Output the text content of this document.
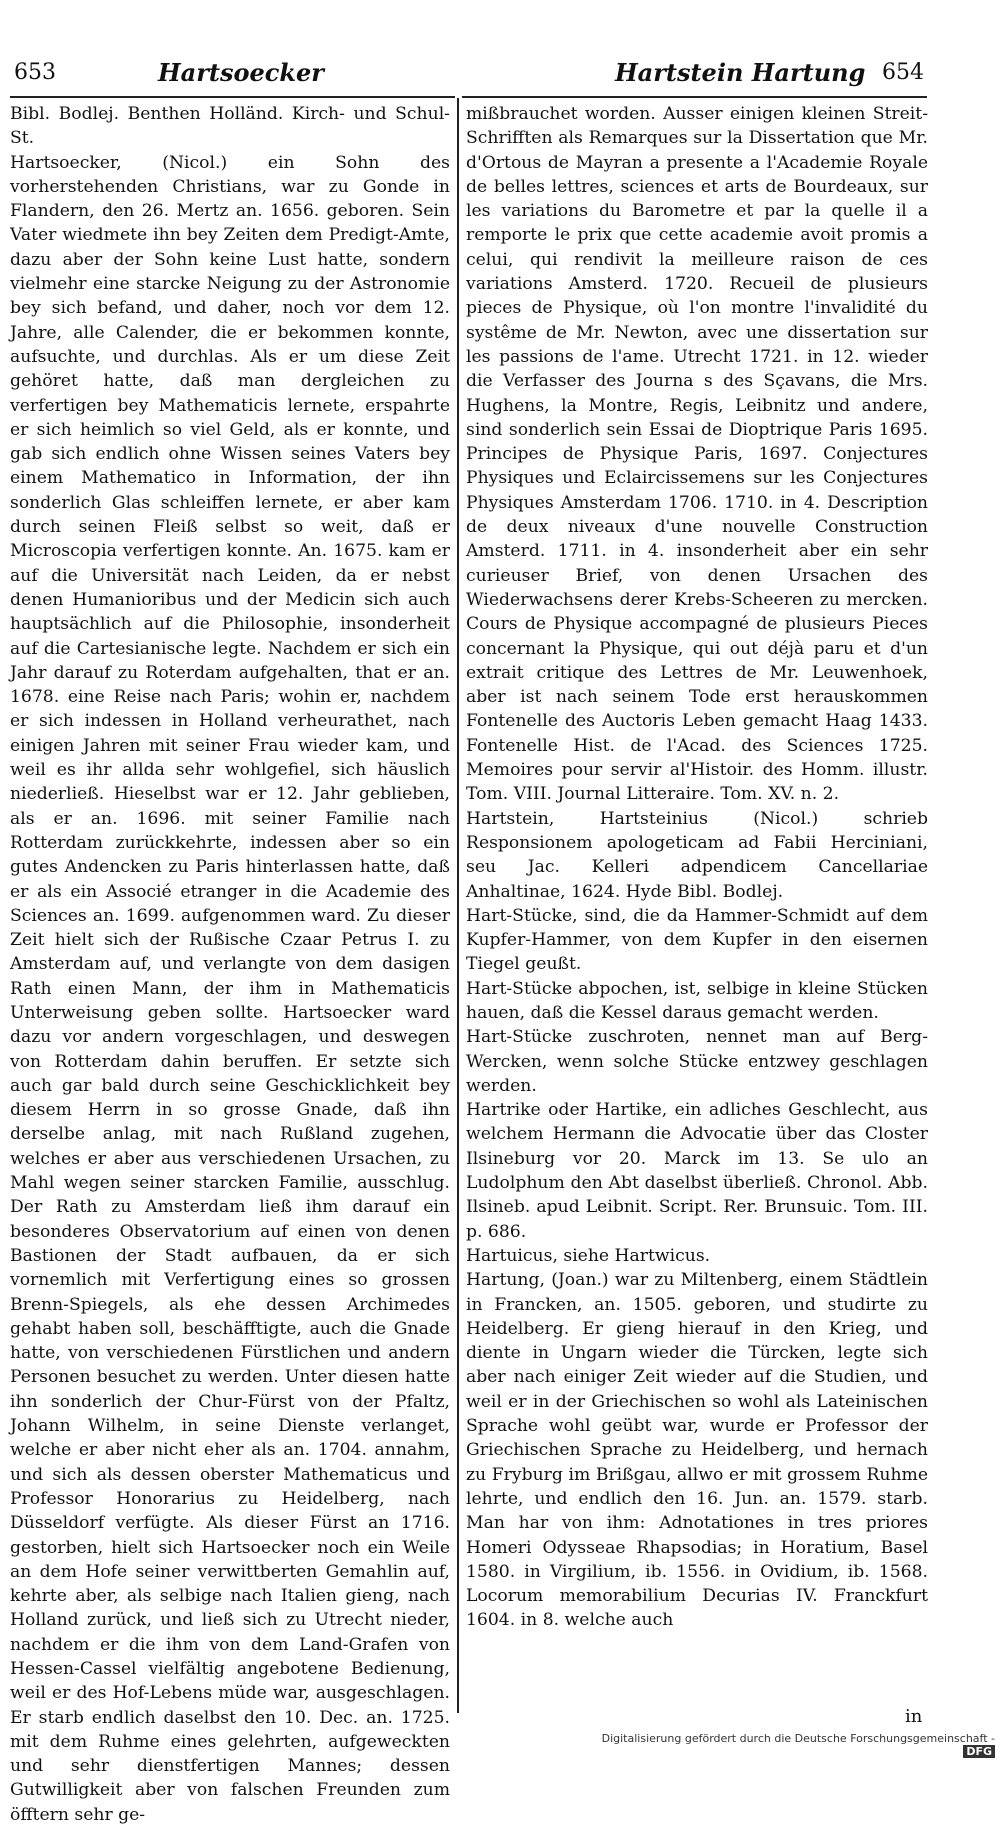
653	Hartsoecker	Hartstein Hartung 654

Bibl. Bodlej. Benthen Holländ. Kirch- und Schul-St.

Hartsoecker, (Nicol.) ein Sohn des vorherstehenden Christians, war zu Gonde in Flandern, den 26. Mertz an. 1656. geboren. Sein Vater wiedmete ihn bey Zeiten dem Predigt-Amte, dazu aber der Sohn keine Lust hatte, sondern vielmehr eine starcke Neigung zu der Astronomie bey sich befand, und daher, noch vor dem 12. Jahre, alle Calender, die er bekommen konnte, aufsuchte, und durchlas. Als er um diese Zeit gehöret hatte, daß man dergleichen zu verfertigen bey Mathematicis lernete, erspahrte er sich heimlich so viel Geld, als er konnte, und gab sich endlich ohne Wissen seines Vaters bey einem Mathematico in Information, der ihn sonderlich Glas schleiffen lernete, er aber kam durch seinen Fleiß selbst so weit, daß er Microscopia verfertigen konnte. An. 1675. kam er auf die Universität nach Leiden, da er nebst denen Humanioribus und der Medicin sich auch hauptsächlich auf die Philosophie, insonderheit auf die Cartesianische legte. Nachdem er sich ein Jahr darauf zu Roterdam aufgehalten, that er an. 1678. eine Reise nach Paris; wohin er, nachdem er sich indessen in Holland verheurathet, nach einigen Jahren mit seiner Frau wieder kam, und weil es ihr allda sehr wohlgefiel, sich häuslich niederließ. Hieselbst war er 12. Jahr geblieben, als er an. 1696. mit seiner Familie nach Rotterdam zurückkehrte, indessen aber so ein gutes Andencken zu Paris hinterlassen hatte, daß er als ein Associé etranger in die Academie des Sciences an. 1699. aufgenommen ward. Zu dieser Zeit hielt sich der Rußische Czaar Petrus I. zu Amsterdam auf, und verlangte von dem dasigen Rath einen Mann, der ihm in Mathematicis Unterweisung geben sollte. Hartsoecker ward dazu vor andern vorgeschlagen, und deswegen von Rotterdam dahin beruffen. Er setzte sich auch gar bald durch seine Geschicklichkeit bey diesem Herrn in so grosse Gnade, daß ihn derselbe anlag, mit nach Rußland zugehen, welches er aber aus verschiedenen Ursachen, zu Mahl wegen seiner starcken Familie, ausschlug. Der Rath zu Amsterdam ließ ihm darauf ein besonderes Observatorium auf einen von denen Bastionen der Stadt aufbauen, da er sich vornemlich mit Verfertigung eines so grossen Brenn-Spiegels, als ehe dessen Archimedes gehabt haben soll, beschäfftigte, auch die Gnade hatte, von verschiedenen Fürstlichen und andern Personen besuchet zu werden. Unter diesen hatte ihn sonderlich der Chur-Fürst von der Pfaltz, Johann Wilhelm, in seine Dienste verlanget, welche er aber nicht eher als an. 1704. annahm, und sich als dessen oberster Mathematicus und Professor Honorarius zu Heidelberg, nach Düsseldorf verfügte. Als dieser Fürst an 1716. gestorben, hielt sich Hartsoecker noch ein Weile an dem Hofe seiner verwittberten Gemahlin auf, kehrte aber, als selbige nach Italien gieng, nach Holland zurück, und ließ sich zu Utrecht nieder, nachdem er die ihm von dem Land-Grafen von Hessen-Cassel vielfältig angebotene Bedienung, weil er des Hof-Lebens müde war, ausgeschlagen. Er starb endlich daselbst den 10. Dec. an. 1725. mit dem Ruhme eines gelehrten, aufgeweckten und sehr dienstfertigen Mannes; dessen Gutwilligkeit aber von falschen Freunden zum öfftern sehr ge-

mißbrauchet worden. Ausser einigen kleinen Streit-Schrifften als Remarques sur la Dissertation que Mr. d'Ortous de Mayran a presente a l'Academie Royale de belles lettres, sciences et arts de Bourdeaux, sur les variations du Barometre et par la quelle il a remporte le prix que cette academie avoit promis a celui, qui rendivit la meilleure raison de ces variations Amsterd. 1720. Recueil de plusieurs pieces de Physique, où l'on montre l'invalidité du systême de Mr. Newton, avec une dissertation sur les passions de l'ame. Utrecht 1721. in 12. wieder die Verfasser des Journa s des Sçavans, die Mrs. Hughens, la Montre, Regis, Leibnitz und andere, sind sonderlich sein Essai de Dioptrique Paris 1695. Principes de Physique Paris, 1697. Conjectures Physiques und Eclaircissemens sur les Conjectures Physiques Amsterdam 1706. 1710. in 4. Description de deux niveaux d'une nouvelle Construction Amsterd. 1711. in 4. insonderheit aber ein sehr curieuser Brief, von denen Ursachen des Wiederwachsens derer Krebs-Scheeren zu mercken. Cours de Physique accompagné de plusieurs Pieces concernant la Physique, qui out déjà paru et d'un extrait critique des Lettres de Mr. Leuwenhoek, aber ist nach seinem Tode erst herauskommen Fontenelle des Auctoris Leben gemacht Haag 1433. Fontenelle Hist. de l'Acad. des Sciences 1725. Memoires pour servir al'Histoir. des Homm. illustr. Tom. VIII. Journal Litteraire. Tom. XV. n. 2.

Hartstein, Hartsteinius (Nicol.) schrieb Responsionem apologeticam ad Fabii Herciniani, seu Jac. Kelleri adpendicem Cancellariae Anhaltinae, 1624. Hyde Bibl. Bodlej.

Hart-Stücke, sind, die da Hammer-Schmidt auf dem Kupfer-Hammer, von dem Kupfer in den eisernen Tiegel geußt.

Hart-Stücke abpochen, ist, selbige in kleine Stücken hauen, daß die Kessel daraus gemacht werden.

Hart-Stücke zuschroten, nennet man auf Berg-Wercken, wenn solche Stücke entzwey geschlagen werden.

Hartrike oder Hartike, ein adliches Geschlecht, aus welchem Hermann die Advocatie über das Closter Ilsineburg vor 20. Marck im 13. Se ulo an Ludolphum den Abt daselbst überließ. Chronol. Abb. Ilsineb. apud Leibnit. Script. Rer. Brunsuic. Tom. III. p. 686.

Hartuicus, siehe Hartwicus.

Hartung, (Joan.) war zu Miltenberg, einem Städtlein in Francken, an. 1505. geboren, und studirte zu Heidelberg. Er gieng hierauf in den Krieg, und diente in Ungarn wieder die Türcken, legte sich aber nach einiger Zeit wieder auf die Studien, und weil er in der Griechischen so wohl als Lateinischen Sprache wohl geübt war, wurde er Professor der Griechischen Sprache zu Heidelberg, und hernach zu Fryburg im Brißgau, allwo er mit grossem Ruhme lehrte, und endlich den 16. Jun. an. 1579. starb. Man har von ihm: Adnotationes in tres priores Homeri Odysseae Rhapsodias; in Horatium, Basel 1580. in Virgilium, ib. 1556. in Ovidium, ib. 1568. Locorum memorabilium Decurias IV. Franckfurt 1604. in 8. welche auch

in
Digitalisierung gefördert durch die Deutsche Forschungsgemeinschaft - DFG
